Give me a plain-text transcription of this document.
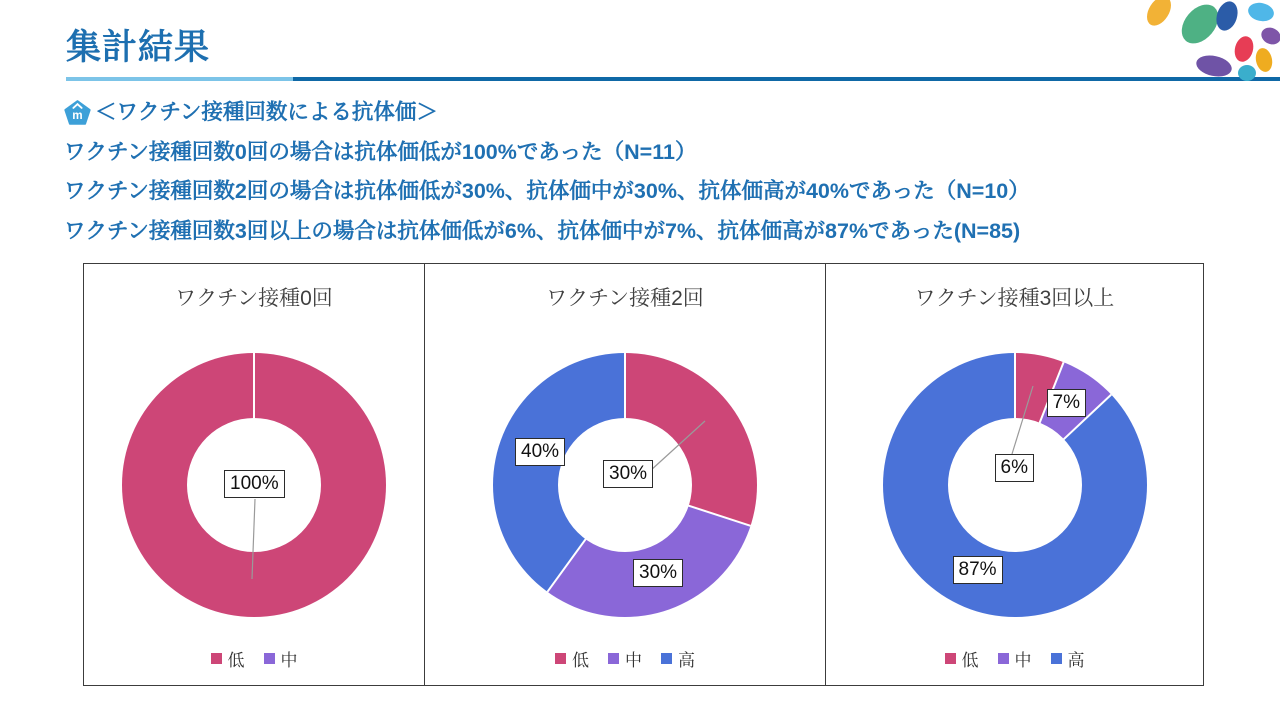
集計結果
m ＜ワクチン接種回数による抗体価＞
ワクチン接種回数0回の場合は抗体価低が100%であった（N=11）
ワクチン接種回数2回の場合は抗体価低が30%、抗体価中が30%、抗体価高が40%であった（N=10）
ワクチン接種回数3回以上の場合は抗体価低が6%、抗体価中が7%、抗体価高が87%であった(N=85)
ワクチン接種0回
100%
低 中
ワクチン接種2回
40%
30%
30%
低 中 高
ワクチン接種3回以上
7%
6%
87%
低 中 高
